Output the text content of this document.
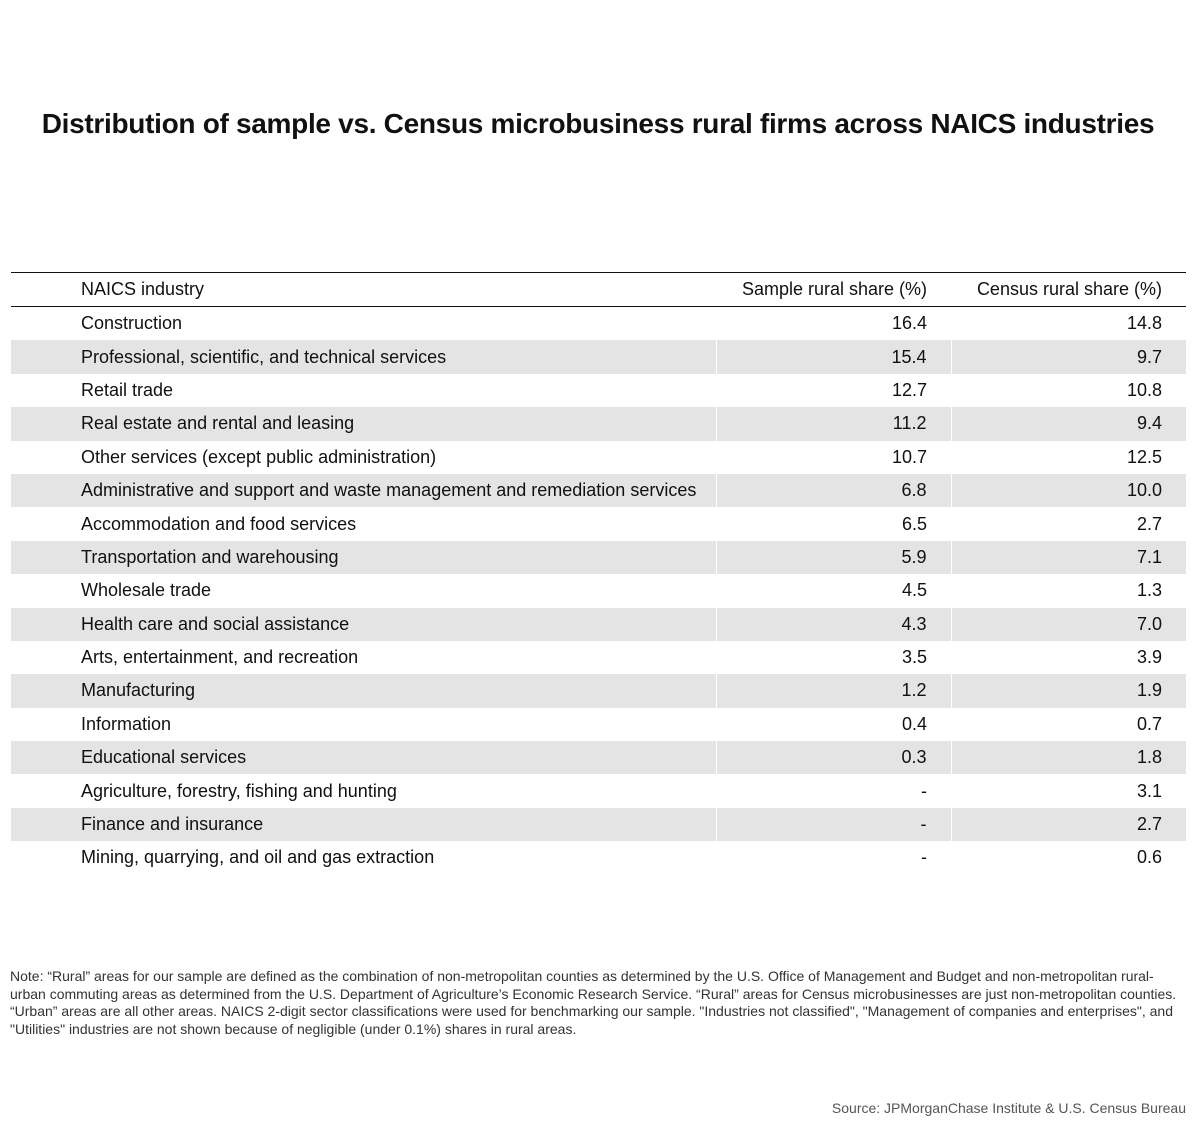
Distribution of sample vs. Census microbusiness rural firms across NAICS industries
NAICS industry	Sample rural share (%)	Census rural share (%)
Construction	16.4	14.8
Professional, scientific, and technical services	15.4	9.7
Retail trade	12.7	10.8
Real estate and rental and leasing	11.2	9.4
Other services (except public administration)	10.7	12.5
Administrative and support and waste management and remediation services	6.8	10.0
Accommodation and food services	6.5	2.7
Transportation and warehousing	5.9	7.1
Wholesale trade	4.5	1.3
Health care and social assistance	4.3	7.0
Arts, entertainment, and recreation	3.5	3.9
Manufacturing	1.2	1.9
Information	0.4	0.7
Educational services	0.3	1.8
Agriculture, forestry, fishing and hunting	-	3.1
Finance and insurance	-	2.7
Mining, quarrying, and oil and gas extraction	-	0.6

Note: “Rural” areas for our sample are defined as the combination of non-metropolitan counties as determined by the U.S. Office of Management and Budget and non-metropolitan rural-urban commuting areas as determined from the U.S. Department of Agriculture’s Economic Research Service. “Rural” areas for Census microbusinesses are just non-metropolitan counties. “Urban” areas are all other areas. NAICS 2-digit sector classifications were used for benchmarking our sample. "Industries not classified", "Management of companies and enterprises", and "Utilities" industries are not shown because of negligible (under 0.1%) shares in rural areas.

Source: JPMorganChase Institute & U.S. Census Bureau
